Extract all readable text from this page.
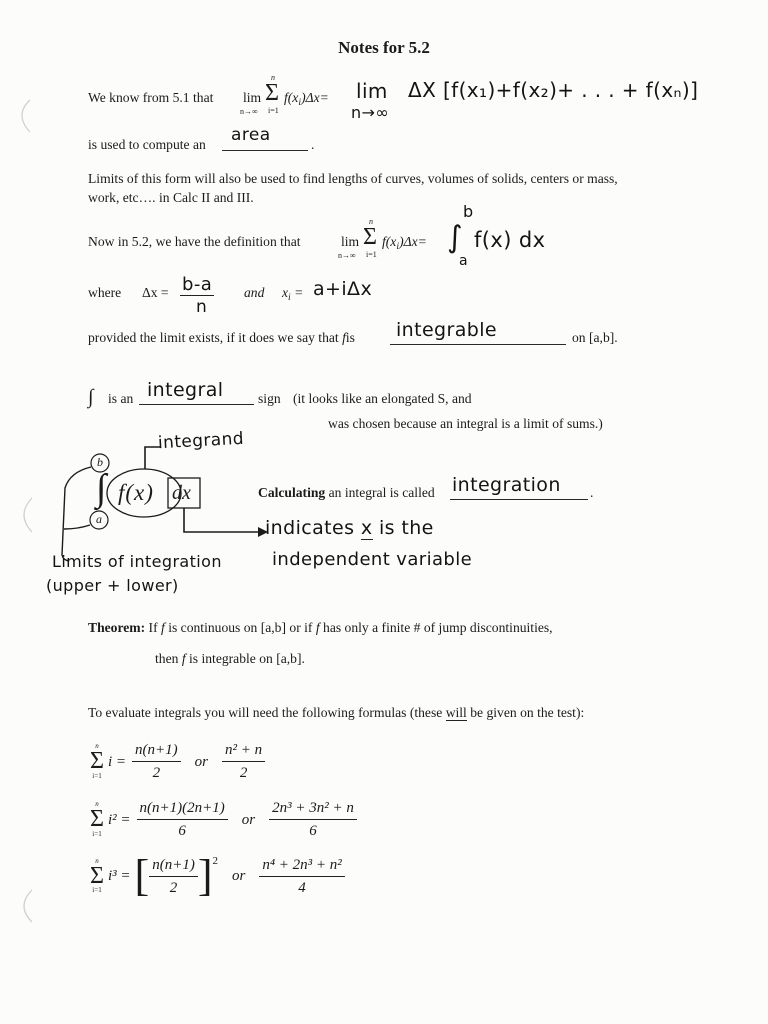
Notes for 5.2
We know from 5.1 that lim
n→∞
Σ
n
i=1
$f(x_i)\Delta x= \lim$
n→∞
ΔX [f(x₁)+f(x₂)+ . . . + f(xₙ)]
is used to compute an	area	.
Limits of this form will also be used to find lengths of curves, volumes of solids, centers or mass,
work, etc…. in Calc II and III.
Now in 5.2, we have the definition that	lim
n→∞
Σ
n
i=1
$f(x_i)\Delta x=$ ∫
b
a
f(x) dx
where Δx = b-a
n
and $x_i = a+i\Delta x$
provided the limit exists, if it does we say that fis	integrable	on [a,b].
∫ is an integral	sign (it looks like an elongated S, and
was chosen because an integral is a limit of sums.)
integrand
b
a
∫ f(x) dx
Limits of integration
(upper + lower)
indicates x is the
independent variable
Calculating an integral is called integration	.
Theorem: If f is continuous on [a,b] or if f has only a finite # of jump discontinuities,
then f is integrable on [a,b].
To evaluate integrals you will need the following formulas (these will be given on the test):
n
Σ
i=1
$i = \frac{n(n+1)}{2}$ or $\frac{\text{n² + n}}{2}$
n
Σ
i=1
$i^2 = \frac{n(n+1)(2n+1)}{6}$ or $\frac{\text{2n³ + 3n² + n}}{6}$
n
Σ
i=1
i³ = [ $\frac{n(n+1)}{2}$ ] 2
or $\frac{\text{n⁴ + 2n³ + n²}}{4}$
